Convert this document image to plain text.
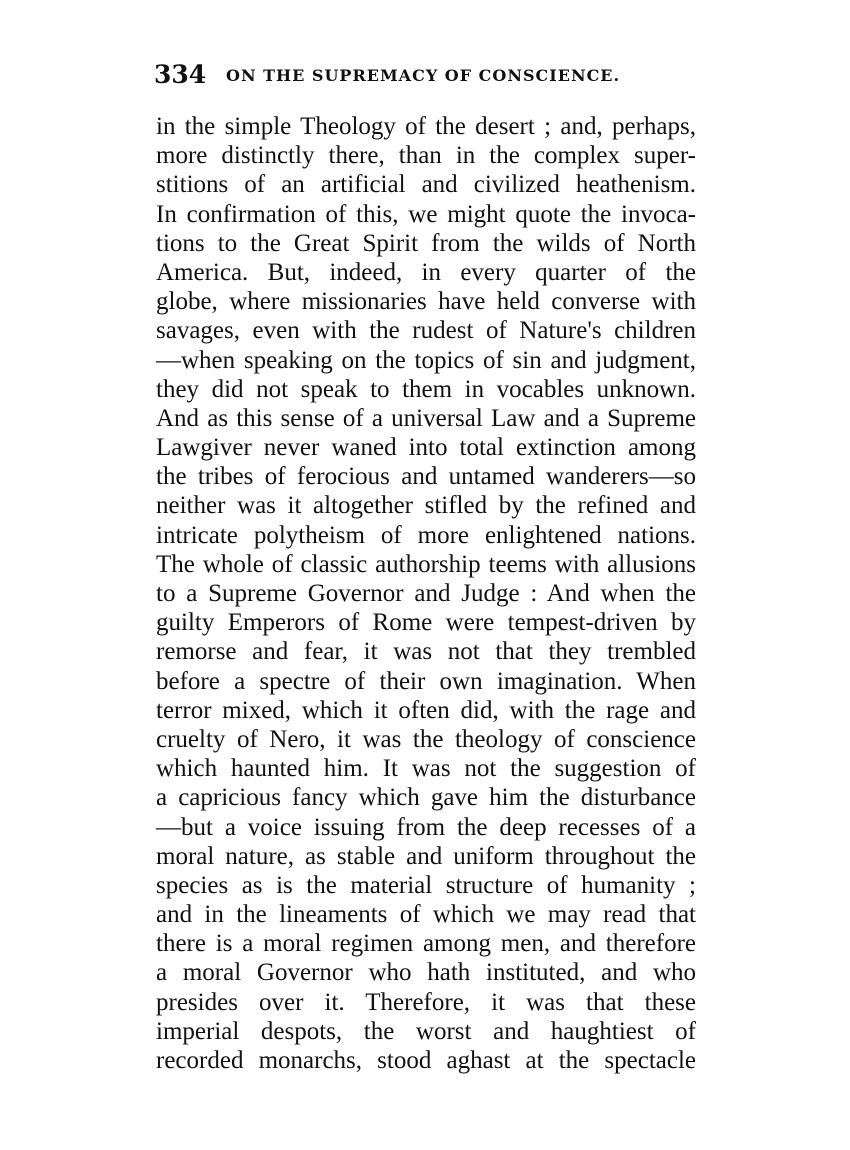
334 ON THE SUPREMACY OF CONSCIENCE.
in the simple Theology of the desert ; and, perhaps,
more distinctly there, than in the complex super-
stitions of an artificial and civilized heathenism.
In confirmation of this, we might quote the invoca-
tions to the Great Spirit from the wilds of North
America. But, indeed, in every quarter of the
globe, where missionaries have held converse with
savages, even with the rudest of Nature's children
—when speaking on the topics of sin and judgment,
they did not speak to them in vocables unknown.
And as this sense of a universal Law and a Supreme
Lawgiver never waned into total extinction among
the tribes of ferocious and untamed wanderers—so
neither was it altogether stifled by the refined and
intricate polytheism of more enlightened nations.
The whole of classic authorship teems with allusions
to a Supreme Governor and Judge : And when the
guilty Emperors of Rome were tempest-driven by
remorse and fear, it was not that they trembled
before a spectre of their own imagination. When
terror mixed, which it often did, with the rage and
cruelty of Nero, it was the theology of conscience
which haunted him. It was not the suggestion of
a capricious fancy which gave him the disturbance
—but a voice issuing from the deep recesses of a
moral nature, as stable and uniform throughout the
species as is the material structure of humanity ;
and in the lineaments of which we may read that
there is a moral regimen among men, and therefore
a moral Governor who hath instituted, and who
presides over it. Therefore, it was that these
imperial despots, the worst and haughtiest of
recorded monarchs, stood aghast at the spectacle
